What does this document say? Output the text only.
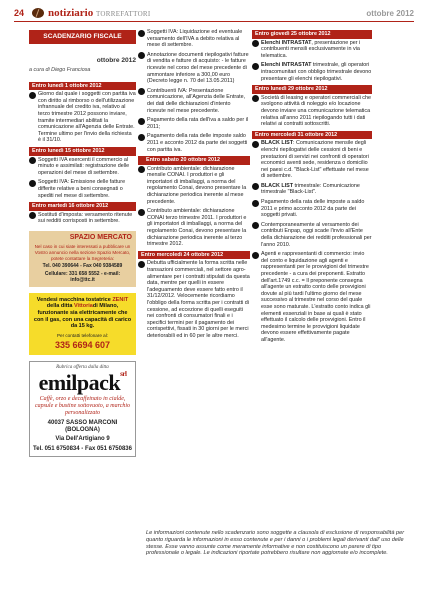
24 notiziario TORREFATTORI	ottobre 2012
SCADENZARIO FISCALE
ottobre 2012
a cura di Diego Franciosa
Entro lunedì 1 ottobre 2012
Giorno dal quale i soggetti con partita iva con diritto al rimborso o dell'utilizzazione infrannuale del credito iva, relativo al terzo trimestre 2012 possono inviare, tramite intermediari abilitati la comunicazione all'Agenzia delle Entrate. Termine ultimo per l'invio della richiesta è il 31/10.
Entro lunedì 15 ottobre 2012
Soggetti IVA esercenti il commercio al minuto e assimilati: registrazione delle operazioni del mese di settembre.
Soggetti IVA: Emissione delle fatture differite relative a beni consegnati o spediti nel mese di settembre.
Entro martedì 16 ottobre 2012
Sostituti d'imposta: versamento ritenute sui redditi corrisposti in settembre.
SPAZIO MERCATO
Nel caso in cui siate interessati a pubblicare un Vostro annuncio nella sezione Spazio Mercato, potete contattare la Segreteria:
Tel. 040 390644 - Fax 040 9384589
Cellulare: 331 658 5552 - e-mail: info@ttc.it
Vendesi macchina tostatrice ZENIT della ditta Vittoriadi Milano, funzionante sia elettricamente che con il gas, con una capacità di carico da 15 kg.
Per contatti telefonare al:
335 6694 607
Rubrica offerta dalla ditta
emilpack$^{srl}$
Caffè, orzo e decaffeinato in cialde, capsule e bustine sottovuoto, a marchio personalizzato
40037 SASSO MARCONI (BOLOGNA)
Via Dell'Artigiano 9
Tel. 051 6750834 - Fax 051 6750836
Soggetti IVA: Liquidazione ed eventuale versamento dell'IVA a debito relativa al mese di settembre.
Annotazione documenti riepilogativi fatture di vendita e fatture di acquisto: - le fatture ricevute nel corso del mese precedente di ammontare inferiore a 300,00 euro (Decreto legge n. 70 del 13.05.2011)
Contribuenti IVA: Presentazione comunicazione, all'Agenzia delle Entrate, dei dati delle dichiarazioni d'intento ricevute nel mese precedente.
Pagamento della rata dell'iva a saldo per il 2011;
Pagamento della rata delle imposte saldo 2011 e acconto 2012 da parte dei soggetti con partita iva.
Entro sabato 20 ottobre 2012
Contributo ambientale: dichiarazione mensile CONAI. I produttori e gli importatori di imballaggi, a norma del regolamento Conai, devono presentare la dichiarazione periodica inerente al mese precedente.
Contributo ambientale: dichiarazione CONAI terzo trimestre 2011. I produttori e gli importatori di imballaggi, a norma del regolamento Conai, devono presentare la dichiarazione periodica inerente al terzo trimestre 2012.
Entro mercoledì 24 ottobre 2012
Debutta ufficialmente la forma scritta nelle transazioni commerciali, nel settore agro-alimentare per i contratti stipulati da questa data, mentre per quelli in essere l'adeguamento deve essere fatto entro il 31/12/2012. Velocemente ricordiamo l'obbligo della forma scritta per i contratti di cessione, ad eccezione di quelli eseguiti nei confronti di consumatori finali e i specifici termini per il pagamento dei corrispettivi, fissati in 30 giorni per le merci deteriorabili ed in 60 per le altre merci.
Entro giovedì 25 ottobre 2012
Elenchi INTRASTAT, presentazione per i contribuenti mensili esclusivamente in via telematica.
Elenchi INTRASTAT trimestrale, gli operatori intracomunitari con obbligo trimestrale devono presentare gli elenchi riepilogativi.
Entro lunedì 29 ottobre 2012
Società di leasing e operatori commerciali che svolgono attività di noleggio e/o locazione devono inviare una comunicazione telematica relativa all'anno 2011 riepilogando tutti i dati relativi ai contratti sottoscritti.
Entro mercoledì 31 ottobre 2012
BLACK LIST: Comunicazione mensile degli elenchi riepilogativi delle cessioni di beni e prestazioni di servizi nei confronti di operatori economici aventi sede, residenza o domicilio nei paesi c.d. "Black-List" effettuate nel mese di settembre.
BLACK LIST trimestrale: Comunicazione trimestrale "Black-List".
Pagamento della rata delle imposte a saldo 2011 e primo acconto 2012 da parte dei soggetti privati.
Contemporaneamente al versamento dei contributi Enpap, oggi scade l'invio all'Ente della dichiarazione dei redditi professionali per l'anno 2010.
Agenti e rappresentanti di commercio: invio del conto e liquidazione agli agenti e rappresentanti per le provvigioni del trimestre precedente - a cura dei preponenti. Estratto dell'art.1749 c.c. = Il preponente consegna all'agente un estratto conto delle provvigioni dovute al più tardi l'ultimo giorno del mese successivo al trimestre nel corso del quale esse sono maturate. L'estratto conto indica gli elementi essenziali in base ai quali è stato effettuato il calcolo delle provvigioni. Entro il medesimo termine le provvigioni liquidate devono essere effettivamente pagate all'agente.
Le informazioni contenute nello scadenzario sono soggette a clausola di esclusione di responsabilità per quanto riguarda le informazioni in esso contenute e per i danni o i problemi legali derivanti dall' uso delle stesse. Esse vanno assunte come meramente informative e non costituiscono un parere di tipo professionale o legale. Le indicazioni riportate potrebbero risultare non aggiornate e/o incomplete.
